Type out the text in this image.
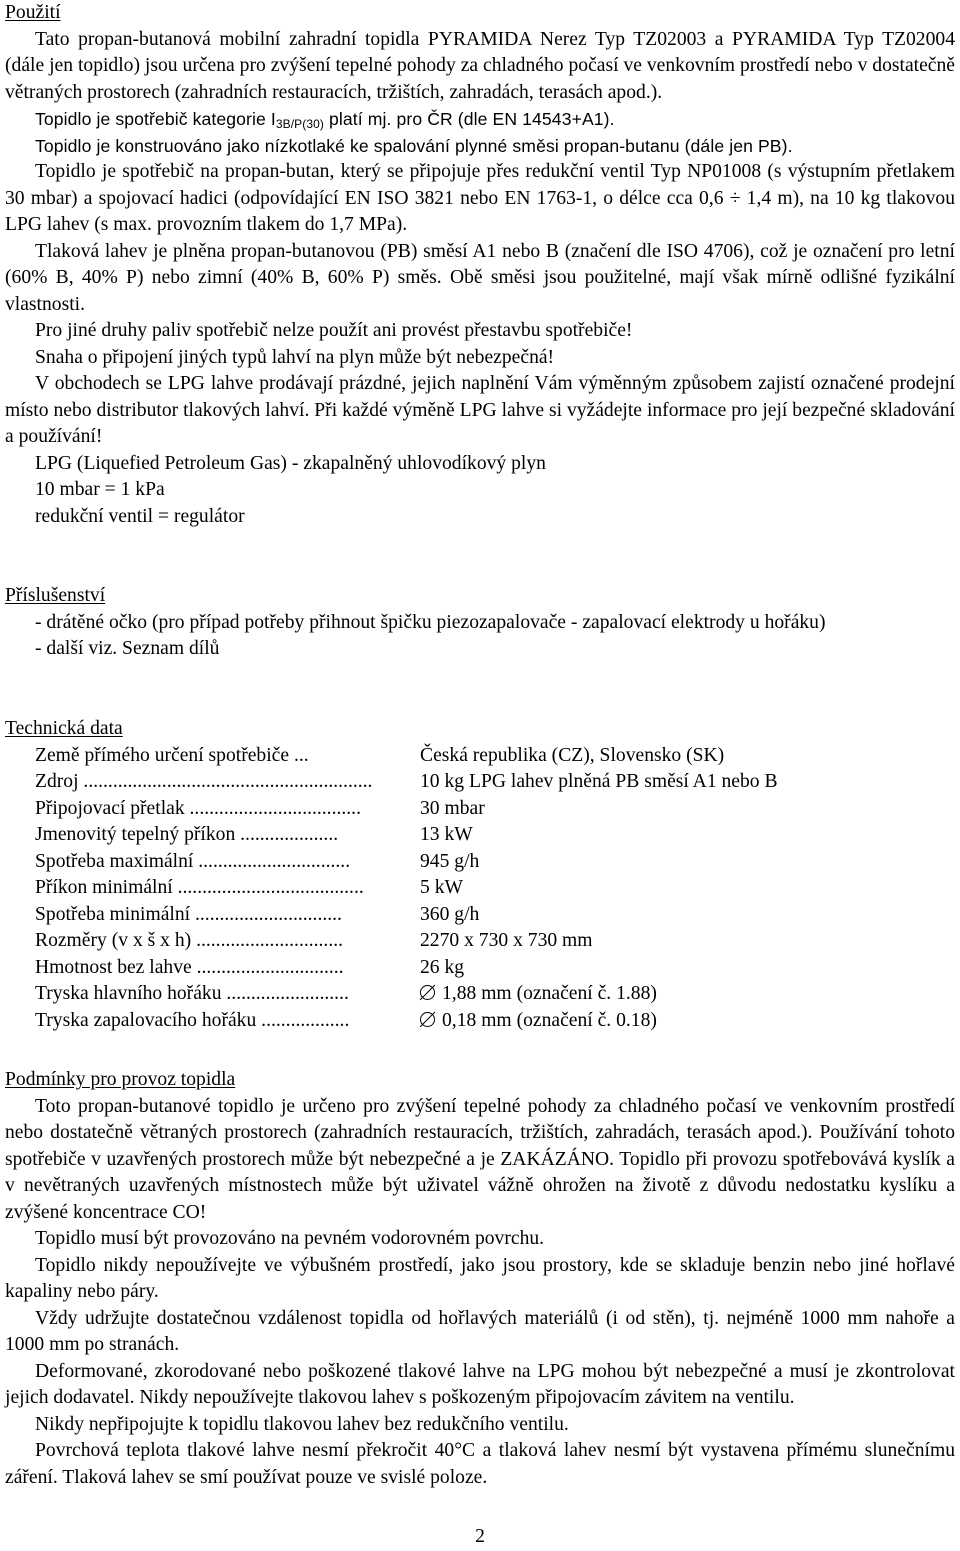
Použití

Tato propan-butanová mobilní zahradní topidla PYRAMIDA Nerez Typ TZ02003 a PYRAMIDA Typ TZ02004 (dále jen topidlo) jsou určena pro zvýšení tepelné pohody za chladného počasí ve venkovním prostředí nebo v dostatečně větraných prostorech (zahradních restauracích, tržištích, zahradách, terasách apod.).

Topidlo je spotřebič kategorie $I_{3B/P(30)}$ platí mj. pro ČR (dle EN 14543+A1).

Topidlo je konstruováno jako nízkotlaké ke spalování plynné směsi propan-butanu (dále jen PB).

Topidlo je spotřebič na propan-butan, který se připojuje přes redukční ventil Typ NP01008 (s výstupním přetlakem 30 mbar) a spojovací hadici (odpovídající EN ISO 3821 nebo EN 1763-1, o délce cca 0,6 ÷ 1,4 m), na 10 kg tlakovou LPG lahev (s max. provozním tlakem do 1,7 MPa).

Tlaková lahev je plněna propan-butanovou (PB) směsí A1 nebo B (značení dle ISO 4706), což je označení pro letní (60% B, 40% P) nebo zimní (40% B, 60% P) směs. Obě směsi jsou použitelné, mají však mírně odlišné fyzikální vlastnosti.

Pro jiné druhy paliv spotřebič nelze použít ani provést přestavbu spotřebiče!

Snaha o připojení jiných typů lahví na plyn může být nebezpečná!

V obchodech se LPG lahve prodávají prázdné, jejich naplnění Vám výměnným způsobem zajistí označené prodejní místo nebo distributor tlakových lahví. Při každé výměně LPG lahve si vyžádejte informace pro její bezpečné skladování a používání!

LPG (Liquefied Petroleum Gas) - zkapalněný uhlovodíkový plyn

10 mbar = 1 kPa

redukční ventil = regulátor

Příslušenství

- drátěné očko (pro případ potřeby přihnout špičku piezozapalovače - zapalovací elektrody u hořáku)

- další viz. Seznam dílů

Technická data

Země přímého určení spotřebiče ...	Česká republika (CZ), Slovensko (SK)
Zdroj ...........................................................	10 kg LPG lahev plněná PB směsí A1 nebo B
Připojovací přetlak ...................................	30 mbar
Jmenovitý tepelný příkon ....................	13 kW
Spotřeba maximální ...............................	945 g/h
Příkon minimální ......................................	5 kW
Spotřeba minimální ..............................	360 g/h
Rozměry (v x š x h) ..............................	2270 x 730 x 730 mm
Hmotnost bez lahve ..............................	26 kg
Tryska hlavního hořáku .........................	1,88 mm (označení č. 1.88)
Tryska zapalovacího hořáku ..................	0,18 mm (označení č. 0.18)

Podmínky pro provoz topidla

Toto propan-butanové topidlo je určeno pro zvýšení tepelné pohody za chladného počasí ve venkovním prostředí nebo dostatečně větraných prostorech (zahradních restauracích, tržištích, zahradách, terasách apod.). Používání tohoto spotřebiče v uzavřených prostorech může být nebezpečné a je ZAKÁZÁNO. Topidlo při provozu spotřebovává kyslík a v nevětraných uzavřených místnostech může být uživatel vážně ohrožen na životě z důvodu nedostatku kyslíku a zvýšené koncentrace CO!

Topidlo musí být provozováno na pevném vodorovném povrchu.

Topidlo nikdy nepoužívejte ve výbušném prostředí, jako jsou prostory, kde se skladuje benzin nebo jiné hořlavé kapaliny nebo páry.

Vždy udržujte dostatečnou vzdálenost topidla od hořlavých materiálů (i od stěn), tj. nejméně 1000 mm nahoře a 1000 mm po stranách.

Deformované, zkorodované nebo poškozené tlakové lahve na LPG mohou být nebezpečné a musí je zkontrolovat jejich dodavatel. Nikdy nepoužívejte tlakovou lahev s poškozeným připojovacím závitem na ventilu.

Nikdy nepřipojujte k topidlu tlakovou lahev bez redukčního ventilu.

Povrchová teplota tlakové lahve nesmí překročit 40°C a tlaková lahev nesmí být vystavena přímému slunečnímu záření. Tlaková lahev se smí používat pouze ve svislé poloze.

2
